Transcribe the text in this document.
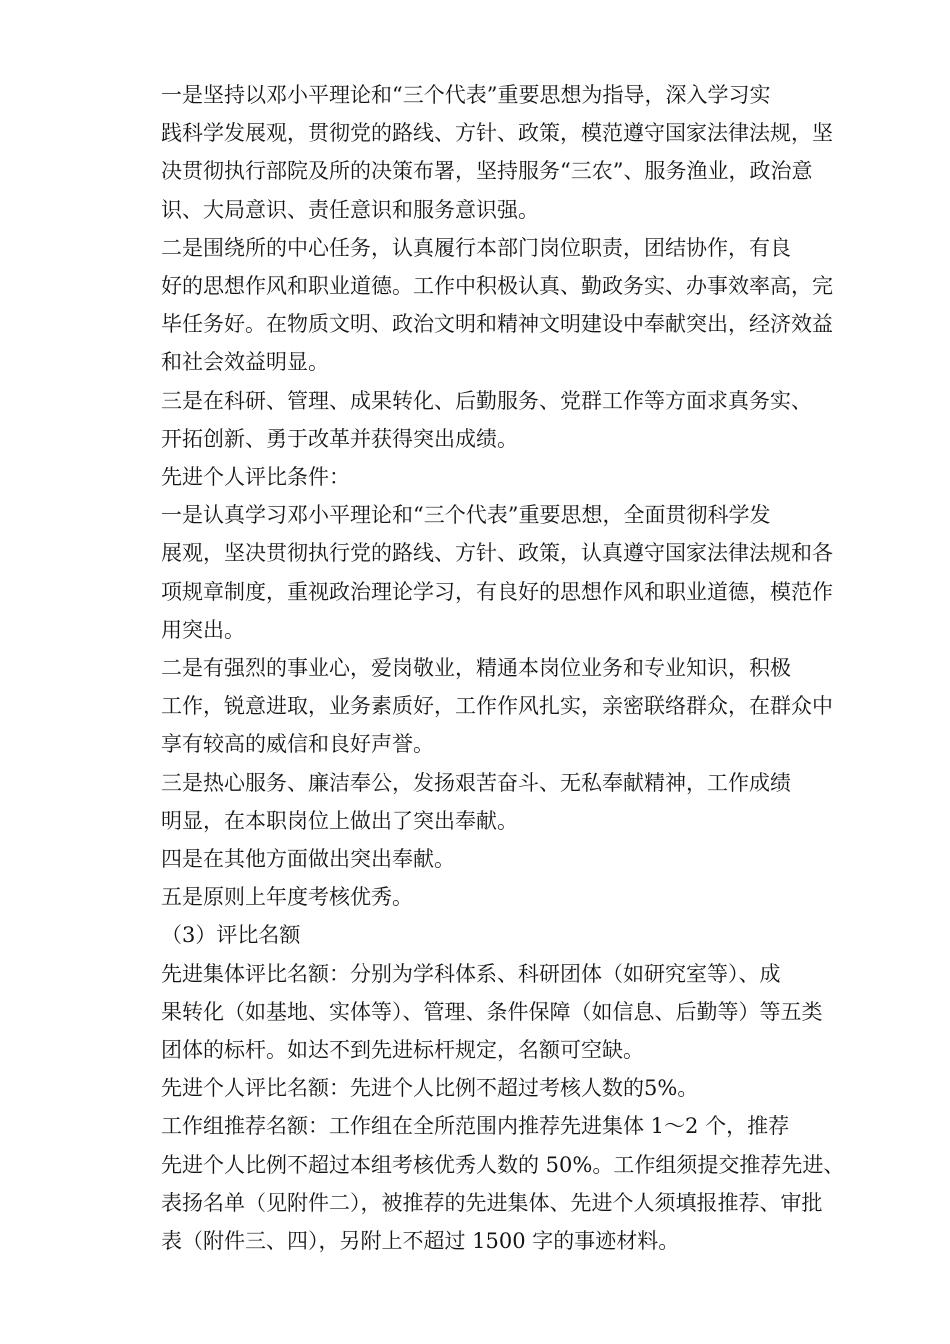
一是坚持以邓小平理论和“三个代表”重要思想为指导，深入学习实
践科学发展观，贯彻党的路线、方针、政策，模范遵守国家法律法规，坚
决贯彻执行部院及所的决策布署，坚持服务“三农”、服务渔业，政治意
识、大局意识、责任意识和服务意识强。

二是围绕所的中心任务，认真履行本部门岗位职责，团结协作，有良
好的思想作风和职业道德。工作中积极认真、勤政务实、办事效率高，完
毕任务好。在物质文明、政治文明和精神文明建设中奉献突出，经济效益
和社会效益明显。

三是在科研、管理、成果转化、后勤服务、党群工作等方面求真务实、
开拓创新、勇于改革并获得突出成绩。

先进个人评比条件：

一是认真学习邓小平理论和“三个代表”重要思想，全面贯彻科学发
展观，坚决贯彻执行党的路线、方针、政策，认真遵守国家法律法规和各
项规章制度，重视政治理论学习，有良好的思想作风和职业道德，模范作
用突出。

二是有强烈的事业心，爱岗敬业，精通本岗位业务和专业知识，积极
工作，锐意进取，业务素质好，工作作风扎实，亲密联络群众，在群众中
享有较高的威信和良好声誉。

三是热心服务、廉洁奉公，发扬艰苦奋斗、无私奉献精神，工作成绩
明显，在本职岗位上做出了突出奉献。

四是在其他方面做出突出奉献。

五是原则上年度考核优秀。

（3）评比名额

先进集体评比名额：分别为学科体系、科研团体（如研究室等）、成
果转化（如基地、实体等）、管理、条件保障（如信息、后勤等）等五类
团体的标杆。如达不到先进标杆规定，名额可空缺。

先进个人评比名额：先进个人比例不超过考核人数的5%。

工作组推荐名额：工作组在全所范围内推荐先进集体 1～2 个，推荐
先进个人比例不超过本组考核优秀人数的 50%。工作组须提交推荐先进、
表扬名单（见附件二），被推荐的先进集体、先进个人须填报推荐、审批
表（附件三、四），另附上不超过 1500 字的事迹材料。
